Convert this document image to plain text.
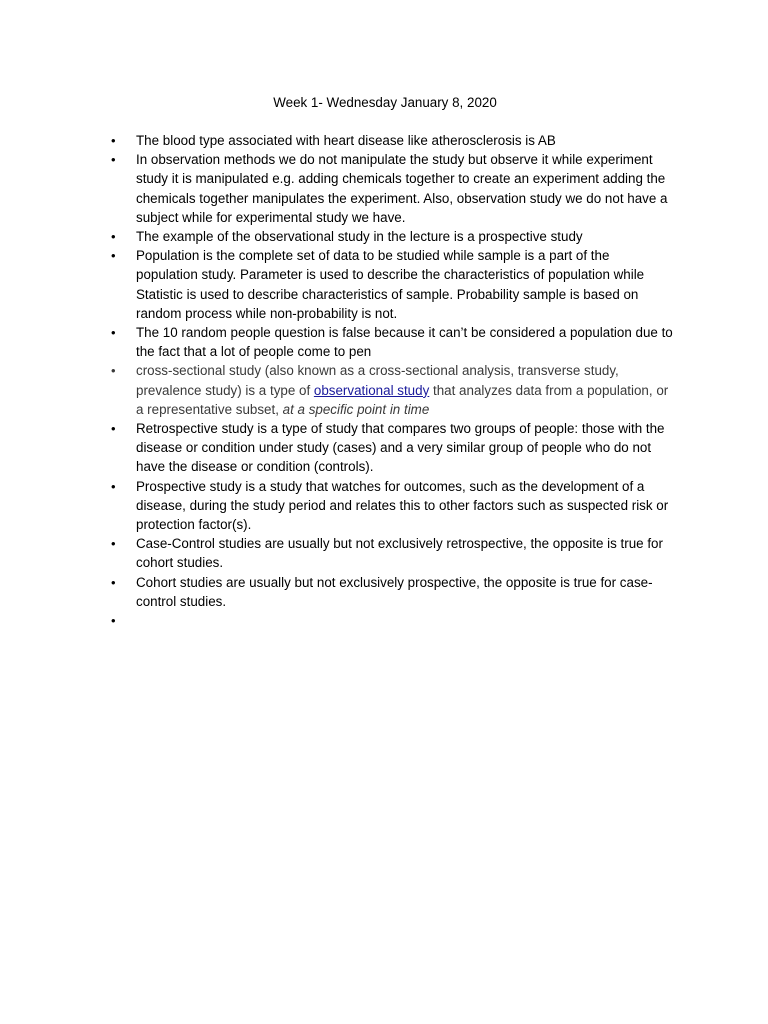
Week 1- Wednesday January 8, 2020
•	The blood type associated with heart disease like atherosclerosis is AB
•	In observation methods we do not manipulate the study but observe it while experiment study it is manipulated e.g. adding chemicals together to create an experiment adding the chemicals together manipulates the experiment. Also, observation study we do not have a subject while for experimental study we have.
•	The example of the observational study in the lecture is a prospective study
•	Population is the complete set of data to be studied while sample is a part of the population study. Parameter is used to describe the characteristics of population while Statistic is used to describe characteristics of sample. Probability sample is based on random process while non-probability is not.
•	The 10 random people question is false because it can’t be considered a population due to the fact that a lot of people come to pen
•	cross-sectional study (also known as a cross-sectional analysis, transverse study, prevalence study) is a type of observational study that analyzes data from a population, or a representative subset, at a specific point in time
•	Retrospective study is a type of study that compares two groups of people: those with the disease or condition under study (cases) and a very similar group of people who do not have the disease or condition (controls).
•	Prospective study is a study that watches for outcomes, such as the development of a disease, during the study period and relates this to other factors such as suspected risk or protection factor(s).
•	Case-Control studies are usually but not exclusively retrospective, the opposite is true for cohort studies.
•	Cohort studies are usually but not exclusively prospective, the opposite is true for case-control studies.
•
